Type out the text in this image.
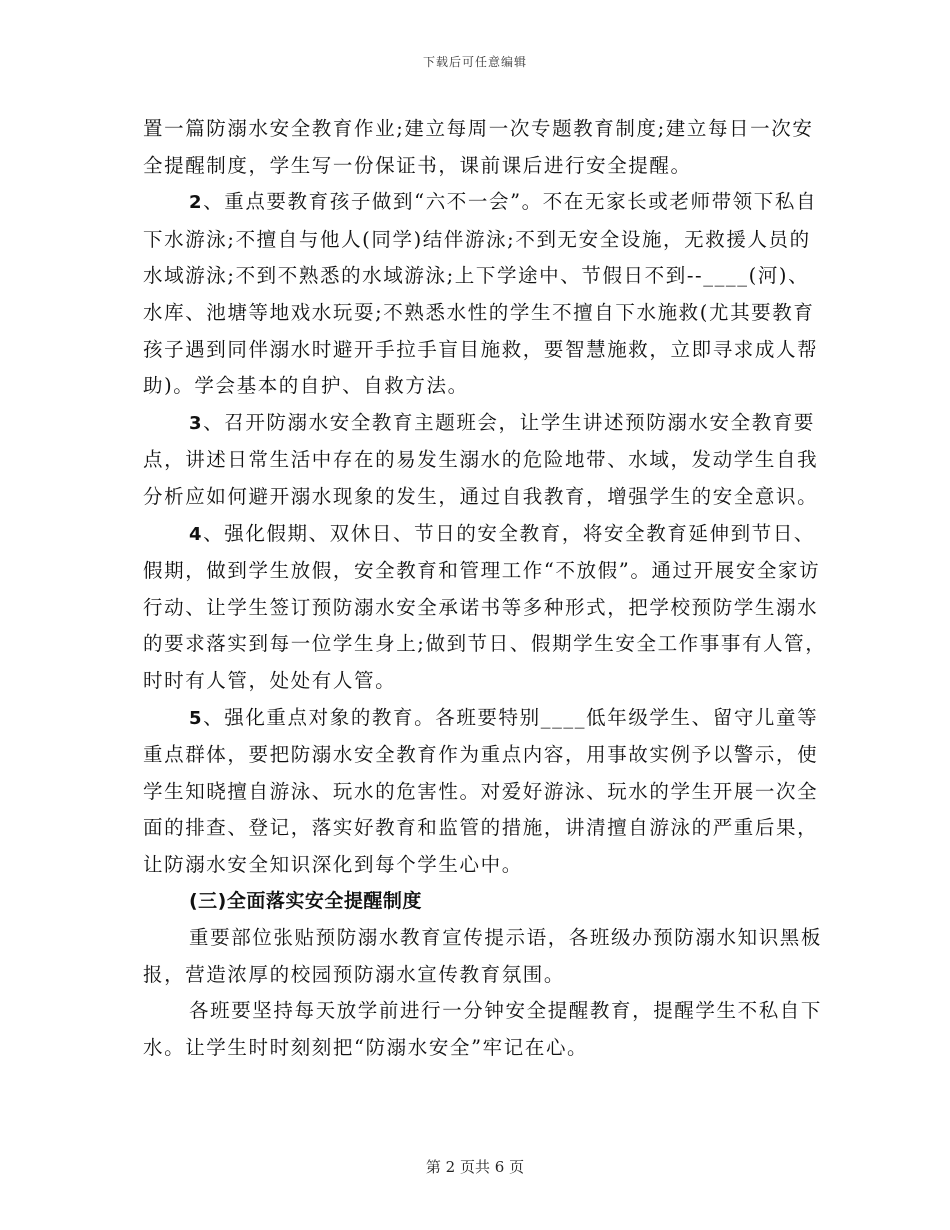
下载后可任意编辑

置一篇防溺水安全教育作业;建立每周一次专题教育制度;建立每日一次安全提醒制度，学生写一份保证书，课前课后进行安全提醒。

2、重点要教育孩子做到“六不一会”。不在无家长或老师带领下私自下水游泳;不擅自与他人(同学)结伴游泳;不到无安全设施，无救援人员的水域游泳;不到不熟悉的水域游泳;上下学途中、节假日不到--____(河)、水库、池塘等地戏水玩耍;不熟悉水性的学生不擅自下水施救(尤其要教育孩子遇到同伴溺水时避开手拉手盲目施救，要智慧施救，立即寻求成人帮助)。学会基本的自护、自救方法。

3、召开防溺水安全教育主题班会，让学生讲述预防溺水安全教育要点，讲述日常生活中存在的易发生溺水的危险地带、水域，发动学生自我分析应如何避开溺水现象的发生，通过自我教育，增强学生的安全意识。

4、强化假期、双休日、节日的安全教育，将安全教育延伸到节日、假期，做到学生放假，安全教育和管理工作“不放假”。通过开展安全家访行动、让学生签订预防溺水安全承诺书等多种形式，把学校预防学生溺水的要求落实到每一位学生身上;做到节日、假期学生安全工作事事有人管，时时有人管，处处有人管。

5、强化重点对象的教育。各班要特别____低年级学生、留守儿童等重点群体，要把防溺水安全教育作为重点内容，用事故实例予以警示，使学生知晓擅自游泳、玩水的危害性。对爱好游泳、玩水的学生开展一次全面的排查、登记，落实好教育和监管的措施，讲清擅自游泳的严重后果，让防溺水安全知识深化到每个学生心中。

(三)全面落实安全提醒制度

重要部位张贴预防溺水教育宣传提示语，各班级办预防溺水知识黑板报，营造浓厚的校园预防溺水宣传教育氛围。

各班要坚持每天放学前进行一分钟安全提醒教育，提醒学生不私自下水。让学生时时刻刻把“防溺水安全”牢记在心。

第 2 页共 6 页
